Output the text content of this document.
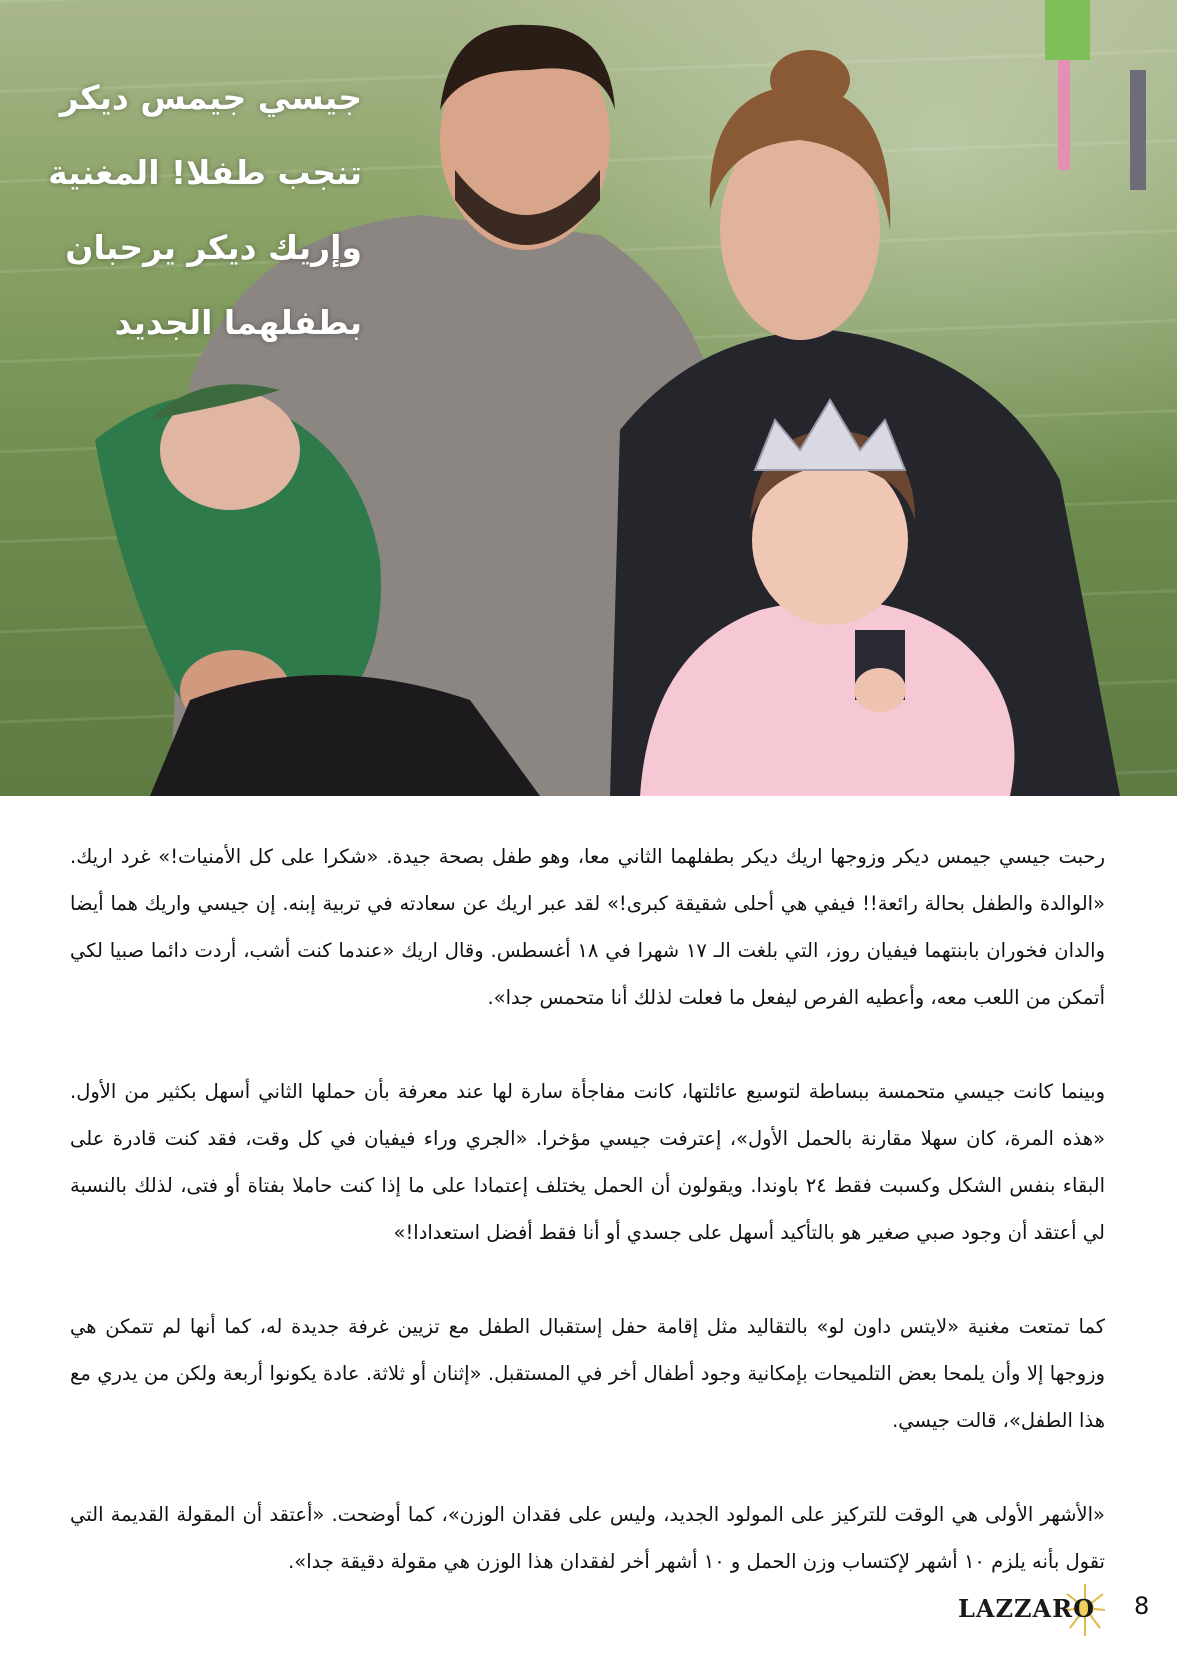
جيسي جيمس ديكر
تنجب طفلا! المغنية
وإريك ديكر يرحبان
بطفلهما الجديد

رحبت جيسي جيمس ديكر وزوجها اريك ديكر بطفلهما الثاني معا، وهو طفل بصحة جيدة. «شكرا على كل الأمنيات!» غرد اريك. «الوالدة والطفل بحالة رائعة!! فيفي هي أحلى شقيقة كبرى!» لقد عبر اريك عن سعادته في تربية إبنه. إن جيسي واريك هما أيضا والدان فخوران بابنتهما فيفيان روز، التي بلغت الـ ١٧ شهرا في ١٨ أغسطس. وقال اريك «عندما كنت أشب، أردت دائما صبيا لكي أتمكن من اللعب معه، وأعطيه الفرص ليفعل ما فعلت لذلك أنا متحمس جدا».

وبينما كانت جيسي متحمسة ببساطة لتوسيع عائلتها، كانت مفاجأة سارة لها عند معرفة بأن حملها الثاني أسهل بكثير من الأول. «هذه المرة، كان سهلا مقارنة بالحمل الأول»، إعترفت جيسي مؤخرا. «الجري وراء فيفيان في كل وقت، فقد كنت قادرة على البقاء بنفس الشكل وكسبت فقط ٢٤ باوندا. ويقولون أن الحمل يختلف إعتمادا على ما إذا كنت حاملا بفتاة أو فتى، لذلك بالنسبة لي أعتقد أن وجود صبي صغير هو بالتأكيد أسهل على جسدي أو أنا فقط أفضل استعدادا!»

كما تمتعت مغنية «لايتس داون لو» بالتقاليد مثل إقامة حفل إستقبال الطفل مع تزيين غرفة جديدة له، كما أنها لم تتمكن هي وزوجها إلا وأن يلمحا بعض التلميحات بإمكانية وجود أطفال أخر في المستقبل. «إثنان أو ثلاثة. عادة يكونوا أربعة ولكن من يدري مع هذا الطفل»، قالت جيسي.

«الأشهر الأولى هي الوقت للتركيز على المولود الجديد، وليس على فقدان الوزن»، كما أوضحت. «أعتقد أن المقولة القديمة التي تقول بأنه يلزم ١٠ أشهر لإكتساب وزن الحمل و ١٠ أشهر أخر لفقدان هذا الوزن هي مقولة دقيقة جدا».

LAZZARO 8
